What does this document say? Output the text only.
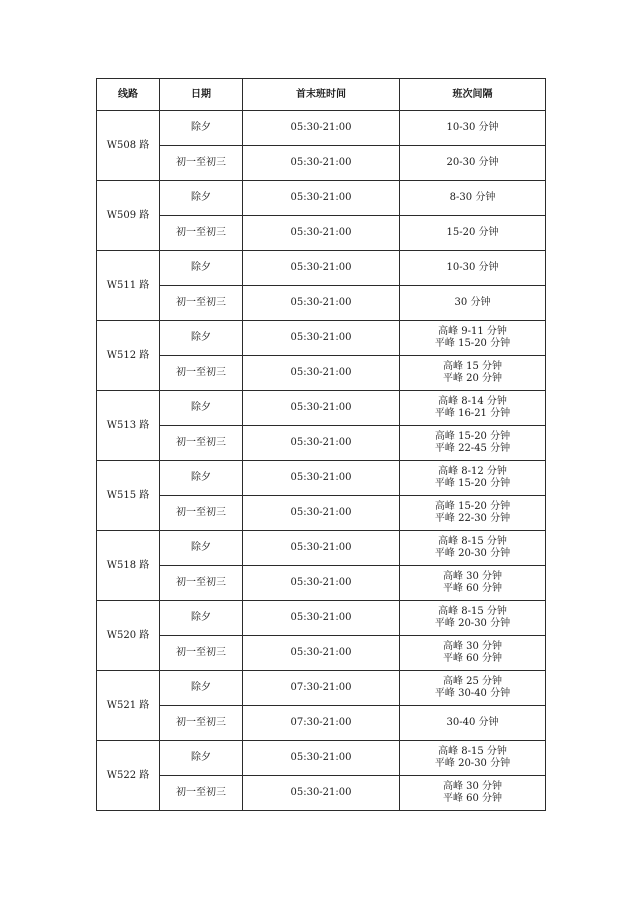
线路	日期	首末班时间	班次间隔
W508 路	除夕	05:30-21:00	10-30 分钟

	初一至初三	05:30-21:00	20-30 分钟

W509 路	除夕	05:30-21:00	8-30 分钟

	初一至初三	05:30-21:00	15-20 分钟

W511 路	除夕	05:30-21:00	10-30 分钟

	初一至初三	05:30-21:00	30 分钟

W512 路	除夕	05:30-21:00	高峰 9-11 分钟
平峰 15-20 分钟

	初一至初三	05:30-21:00	高峰 15 分钟
平峰 20 分钟

W513 路	除夕	05:30-21:00	高峰 8-14 分钟
平峰 16-21 分钟

	初一至初三	05:30-21:00	高峰 15-20 分钟
平峰 22-45 分钟

W515 路	除夕	05:30-21:00	高峰 8-12 分钟
平峰 15-20 分钟

	初一至初三	05:30-21:00	高峰 15-20 分钟
平峰 22-30 分钟

W518 路	除夕	05:30-21:00	高峰 8-15 分钟
平峰 20-30 分钟

	初一至初三	05:30-21:00	高峰 30 分钟
平峰 60 分钟

W520 路	除夕	05:30-21:00	高峰 8-15 分钟
平峰 20-30 分钟

	初一至初三	05:30-21:00	高峰 30 分钟
平峰 60 分钟

W521 路	除夕	07:30-21:00	高峰 25 分钟
平峰 30-40 分钟

	初一至初三	07:30-21:00	30-40 分钟

W522 路	除夕	05:30-21:00	高峰 8-15 分钟
平峰 20-30 分钟

	初一至初三	05:30-21:00	高峰 30 分钟
平峰 60 分钟
